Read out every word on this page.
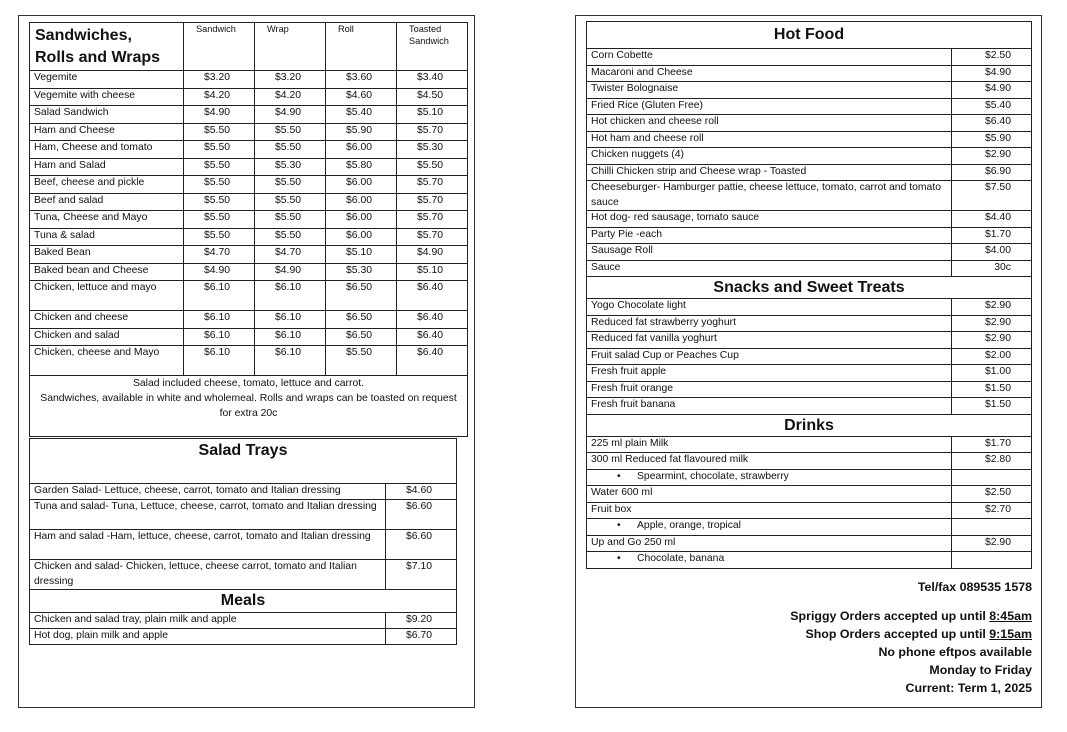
Sandwiches,
Rolls and Wraps	Sandwich	Wrap	Roll	Toasted Sandwich
Vegemite	$3.20	$3.20	$3.60	$3.40
Vegemite with cheese	$4.20	$4.20	$4.60	$4.50
Salad Sandwich	$4.90	$4.90	$5.40	$5.10
Ham and Cheese	$5.50	$5.50	$5.90	$5.70
Ham, Cheese and tomato	$5.50	$5.50	$6.00	$5.30
Ham and Salad	$5.50	$5.30	$5.80	$5.50
Beef, cheese and pickle	$5.50	$5.50	$6.00	$5.70
Beef and salad	$5.50	$5.50	$6.00	$5.70
Tuna, Cheese and Mayo	$5.50	$5.50	$6.00	$5.70
Tuna & salad	$5.50	$5.50	$6.00	$5.70
Baked Bean	$4.70	$4.70	$5.10	$4.90
Baked bean and Cheese	$4.90	$4.90	$5.30	$5.10
Chicken, lettuce and mayo	$6.10	$6.10	$6.50	$6.40
Chicken and cheese	$6.10	$6.10	$6.50	$6.40
Chicken and salad	$6.10	$6.10	$6.50	$6.40
Chicken, cheese and Mayo	$6.10	$6.10	$5.50	$6.40
Salad included cheese, tomato, lettuce and carrot.
Sandwiches, available in white and wholemeal. Rolls and wraps can be toasted on request for extra 20c				
Salad Trays	
Garden Salad- Lettuce, cheese, carrot, tomato and Italian dressing	$4.60
Tuna and salad- Tuna, Lettuce, cheese, carrot, tomato and Italian dressing	$6.60
Ham and salad -Ham, lettuce, cheese, carrot, tomato and Italian dressing	$6.60
Chicken and salad- Chicken, lettuce, cheese carrot, tomato and Italian dressing	$7.10
Meals	
Chicken and salad tray, plain milk and apple	$9.20
Hot dog, plain milk and apple	$6.70
Hot Food	
Corn Cobette	$2.50
Macaroni and Cheese	$4.90
Twister Bolognaise	$4.90
Fried Rice (Gluten Free)	$5.40
Hot chicken and cheese roll	$6.40
Hot ham and cheese roll	$5.90
Chicken nuggets (4)	$2.90
Chilli Chicken strip and Cheese wrap - Toasted	$6.90
Cheeseburger- Hamburger pattie, cheese lettuce, tomato, carrot and tomato sauce	$7.50
Hot dog- red sausage, tomato sauce	$4.40
Party Pie -each	$1.70
Sausage Roll	$4.00
Sauce	30c
Snacks and Sweet Treats	
Yogo Chocolate light	$2.90
Reduced fat strawberry yoghurt	$2.90
Reduced fat vanilla yoghurt	$2.90
Fruit salad Cup or Peaches Cup	$2.00
Fresh fruit apple	$1.00
Fresh fruit orange	$1.50
Fresh fruit banana	$1.50
Drinks	
225 ml plain Milk	$1.70
300 ml Reduced fat flavoured milk	$2.80
• Spearmint, chocolate, strawberry	
Water 600 ml	$2.50
Fruit box	$2.70
• Apple, orange, tropical	
Up and Go 250 ml	$2.90
• Chocolate, banana	
Tel/fax 089535 1578
Spriggy Orders accepted up until 8:45am
Shop Orders accepted up until 9:15am
No phone eftpos available
Monday to Friday
Current: Term 1, 2025
